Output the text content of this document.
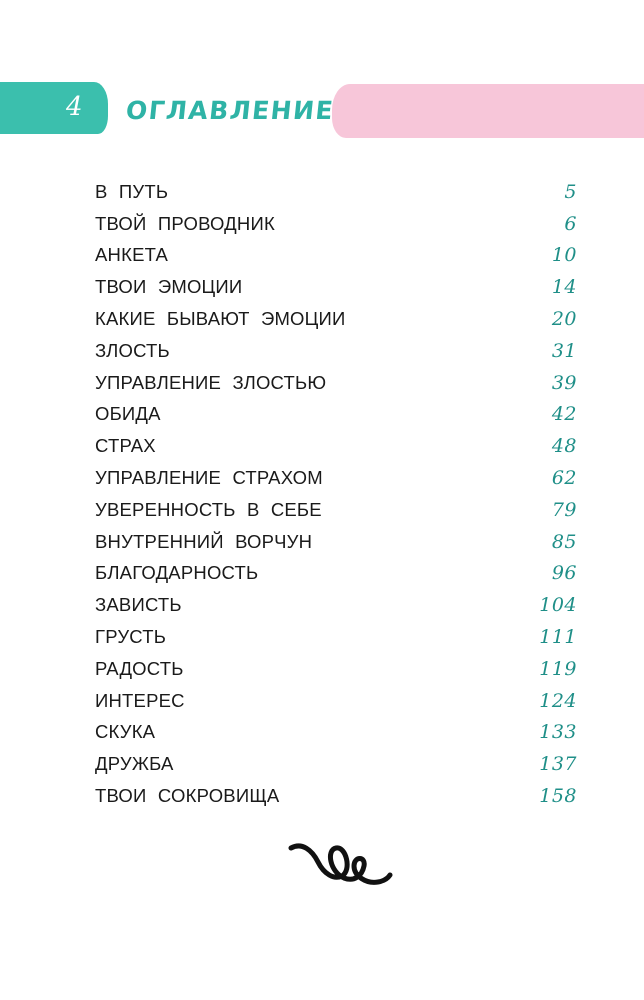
4 ОГЛАВЛЕНИЕ
В ПУТЬ	5
ТВОЙ ПРОВОДНИК	6
АНКЕТА	10
ТВОИ ЭМОЦИИ	14
КАКИЕ БЫВАЮТ ЭМОЦИИ	20
ЗЛОСТЬ	31
УПРАВЛЕНИЕ ЗЛОСТЬЮ	39
ОБИДА	42
СТРАХ	48
УПРАВЛЕНИЕ СТРАХОМ	62
УВЕРЕННОСТЬ В СЕБЕ	79
ВНУТРЕННИЙ ВОРЧУН	85
БЛАГОДАРНОСТЬ	96
ЗАВИСТЬ	104
ГРУСТЬ	111
РАДОСТЬ	119
ИНТЕРЕС	124
СКУКА	133
ДРУЖБА	137
ТВОИ СОКРОВИЩА	158
